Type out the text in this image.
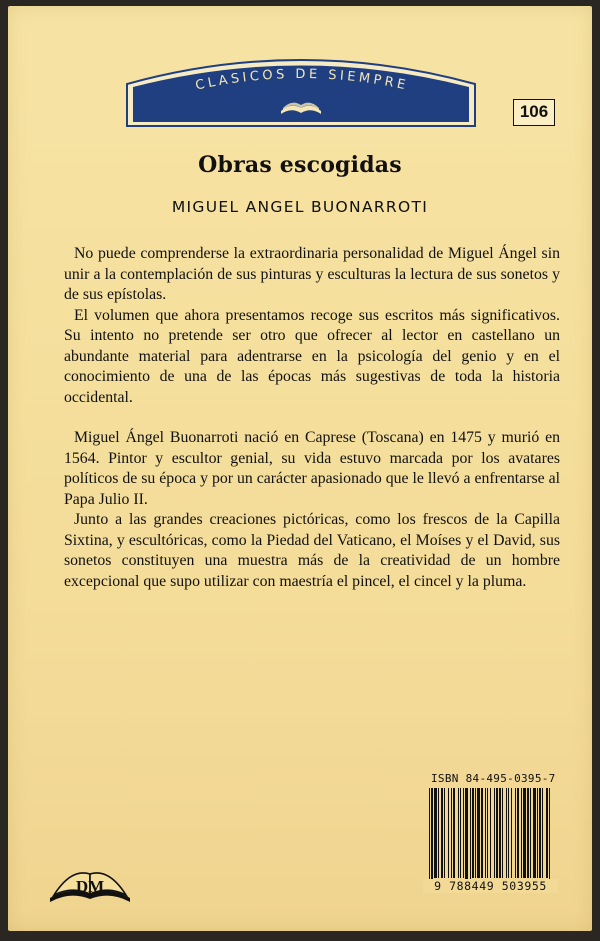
CLASICOS DE SIEMPRE
106
Obras escogidas
MIGUEL ANGEL BUONARROTI

No puede comprenderse la extraordinaria personalidad de Miguel Ángel sin unir a la contemplación de sus pinturas y esculturas la lectura de sus sonetos y de sus epístolas.

El volumen que ahora presentamos recoge sus escritos más significativos. Su intento no pretende ser otro que ofrecer al lector en castellano un abundante material para adentrarse en la psicología del genio y en el conocimiento de una de las épocas más sugestivas de toda la historia occidental.

Miguel Ángel Buonarroti nació en Caprese (Toscana) en 1475 y murió en 1564. Pintor y escultor genial, su vida estuvo marcada por los avatares políticos de su época y por un carácter apasionado que le llevó a enfrentarse al Papa Julio II.

Junto a las grandes creaciones pictóricas, como los frescos de la Capilla Sixtina, y escultóricas, como la Piedad del Vaticano, el Moíses y el David, sus sonetos constituyen una muestra más de la creatividad de un hombre excepcional que supo utilizar con maestría el pincel, el cincel y la pluma.

ISBN 84-495-0395-7
9 788449 503955
DM
